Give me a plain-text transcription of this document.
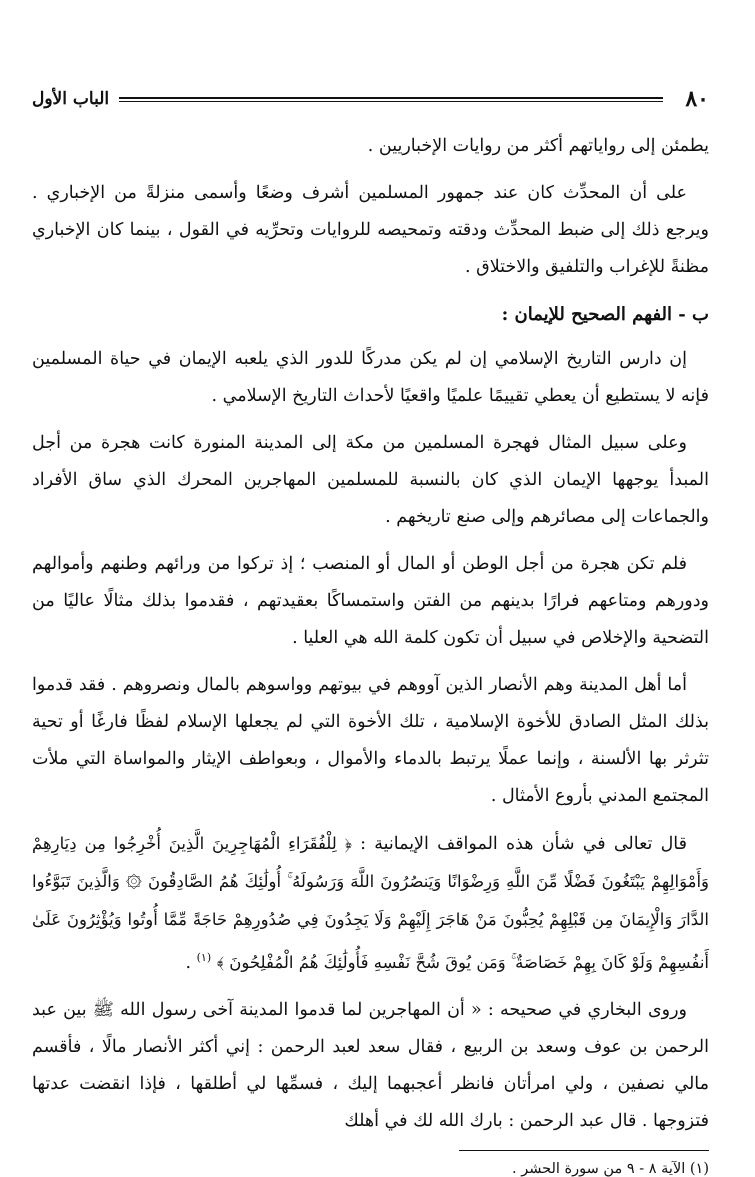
٨٠
الباب الأول

يطمئن إلى رواياتهم أكثر من روايات الإخباريين .

على أن المحدِّث كان عند جمهور المسلمين أشرف وضعًا وأسمى منزلةً من الإخباري . ويرجع ذلك إلى ضبط المحدِّث ودقته وتمحيصه للروايات وتحرِّيه في القول ، بينما كان الإخباري مظنةً للإغراب والتلفيق والاختلاق .

ب - الفهم الصحيح للإيمان :

إن دارس التاريخ الإسلامي إن لم يكن مدركًا للدور الذي يلعبه الإيمان في حياة المسلمين فإنه لا يستطيع أن يعطي تقييمًا علميًا واقعيًا لأحداث التاريخ الإسلامي .

وعلى سبيل المثال فهجرة المسلمين من مكة إلى المدينة المنورة كانت هجرة من أجل المبدأ يوجهها الإيمان الذي كان بالنسبة للمسلمين المهاجرين المحرك الذي ساق الأفراد والجماعات إلى مصائرهم وإلى صنع تاريخهم .

فلم تكن هجرة من أجل الوطن أو المال أو المنصب ؛ إذ تركوا من ورائهم وطنهم وأموالهم ودورهم ومتاعهم فرارًا بدينهم من الفتن واستمساكًا بعقيدتهم ، فقدموا بذلك مثالًا عاليًا من التضحية والإخلاص في سبيل أن تكون كلمة الله هي العليا .

أما أهل المدينة وهم الأنصار الذين آووهم في بيوتهم وواسوهم بالمال ونصروهم . فقد قدموا بذلك المثل الصادق للأخوة الإسلامية ، تلك الأخوة التي لم يجعلها الإسلام لفظًا فارغًا أو تحية تثرثر بها الألسنة ، وإنما عملًا يرتبط بالدماء والأموال ، وبعواطف الإيثار والمواساة التي ملأت المجتمع المدني بأروع الأمثال .

قال تعالى في شأن هذه المواقف الإيمانية : ﴿ لِلْفُقَرَاءِ الْمُهَاجِرِينَ الَّذِينَ أُخْرِجُوا مِن دِيَارِهِمْ وَأَمْوَالِهِمْ يَبْتَغُونَ فَضْلًا مِّنَ اللَّهِ وَرِضْوَانًا وَيَنصُرُونَ اللَّهَ وَرَسُولَهُ ۚ أُولَٰئِكَ هُمُ الصَّادِقُونَ ۞ وَالَّذِينَ تَبَوَّءُوا الدَّارَ وَالْإِيمَانَ مِن قَبْلِهِمْ يُحِبُّونَ مَنْ هَاجَرَ إِلَيْهِمْ وَلَا يَجِدُونَ فِي صُدُورِهِمْ حَاجَةً مِّمَّا أُوتُوا وَيُؤْثِرُونَ عَلَىٰ أَنفُسِهِمْ وَلَوْ كَانَ بِهِمْ خَصَاصَةٌ ۚ وَمَن يُوقَ شُحَّ نَفْسِهِ فَأُولَٰئِكَ هُمُ الْمُفْلِحُونَ ﴾ $^{(١)}$ .

وروى البخاري في صحيحه : « أن المهاجرين لما قدموا المدينة آخى رسول الله ﷺ بين عبد الرحمن بن عوف وسعد بن الربيع ، فقال سعد لعبد الرحمن : إني أكثر الأنصار مالًا ، فأقسم مالي نصفين ، ولي امرأتان فانظر أعجبهما إليك ، فسمِّها لي أطلقها ، فإذا انقضت عدتها فتزوجها . قال عبد الرحمن : بارك الله لك في أهلك

(١) الآية ٨ - ٩ من سورة الحشر .
